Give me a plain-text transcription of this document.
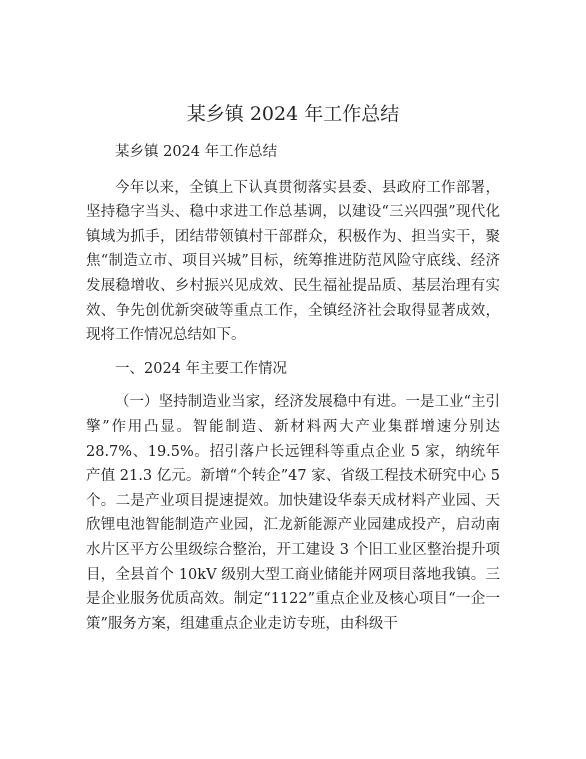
某乡镇 2024 年工作总结

某乡镇 2024 年工作总结

今年以来，全镇上下认真贯彻落实县委、县政府工作部署，坚持稳字当头、稳中求进工作总基调，以建设“三兴四强”现代化镇域为抓手，团结带领镇村干部群众，积极作为、担当实干，聚焦“制造立市、项目兴城”目标，统筹推进防范风险守底线、经济发展稳增收、乡村振兴见成效、民生福祉提品质、基层治理有实效、争先创优新突破等重点工作，全镇经济社会取得显著成效，现将工作情况总结如下。

一、2024 年主要工作情况

（一）坚持制造业当家，经济发展稳中有进。一是工业“主引擎”作用凸显。智能制造、新材料两大产业集群增速分别达 28.7%、19.5%。招引落户长远锂科等重点企业 5 家，纳统年产值 21.3 亿元。新增“个转企”47 家、省级工程技术研究中心 5 个。二是产业项目提速提效。加快建设华泰天成材料产业园、天欣锂电池智能制造产业园，汇龙新能源产业园建成投产，启动南水片区平方公里级综合整治，开工建设 3 个旧工业区整治提升项目，全县首个 10kV 级别大型工商业储能并网项目落地我镇。三是企业服务优质高效。制定“1122”重点企业及核心项目“一企一策”服务方案，组建重点企业走访专班，由科级干
